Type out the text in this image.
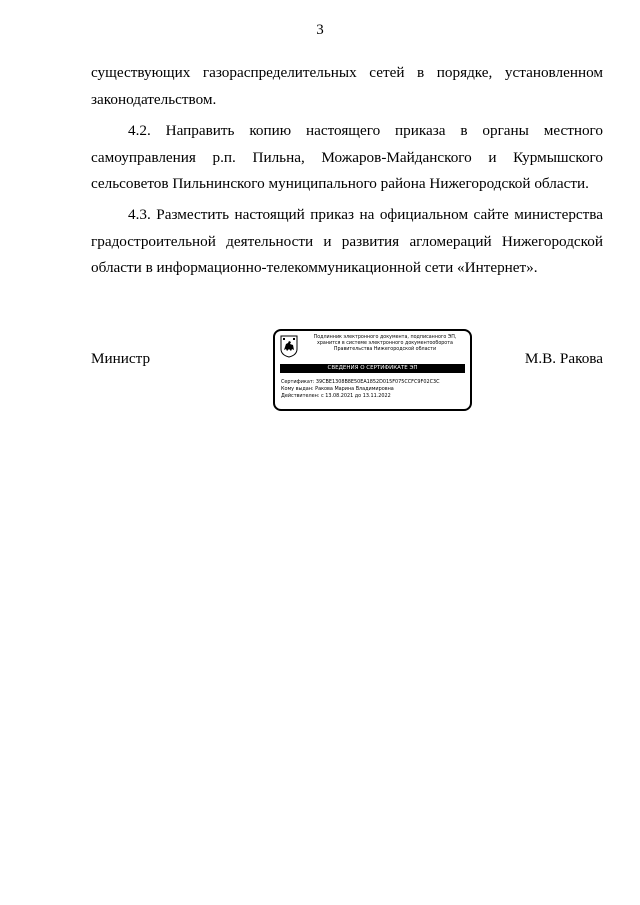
3

существующих газораспределительных сетей в порядке, установленном законодательством.

4.2. Направить копию настоящего приказа в органы местного самоуправления р.п. Пильна, Можаров-Майданского и Курмышского сельсоветов Пильнинского муниципального района Нижегородской области.

4.3. Разместить настоящий приказ на официальном сайте министерства градостроительной деятельности и развития агломераций Нижегородской области в информационно-телекоммуникационной сети «Интернет».

Министр
Подлинник электронного документа, подписанного ЭП,
хранится в системе электронного документооборота
Правительства Нижегородской области
СВЕДЕНИЯ О СЕРТИФИКАТЕ ЭП
Сертификат: 39CBE1308B8E50EA1852D015F075CCFC9F02C3C
Кому выдан: Ракова Марина Владимировна
Действителен: с 13.08.2021 до 13.11.2022
М.В. Ракова
